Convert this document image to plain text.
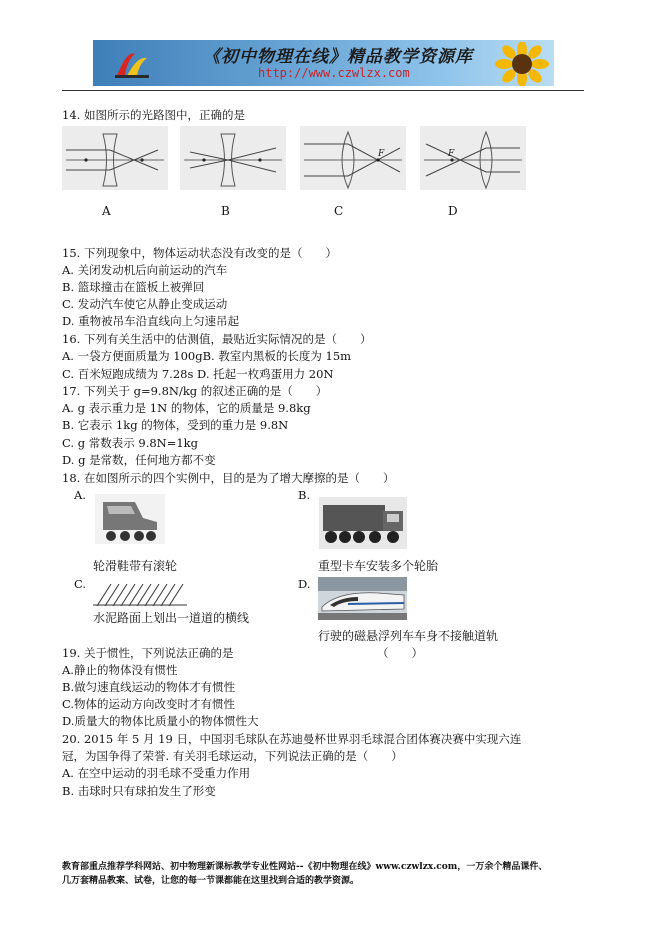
《初中物理在线》精品教学资源库
http://www.czwlzx.com
14. 如图所示的光路图中，正确的是
F	F
A	B	C	D
15. 下列现象中，物体运动状态没有改变的是（　　）
A. 关闭发动机后向前运动的汽车
B. 篮球撞击在篮板上被弹回
C. 发动汽车使它从静止变成运动
D. 重物被吊车沿直线向上匀速吊起
16. 下列有关生活中的估测值，最贴近实际情况的是（　　）
A. 一袋方便面质量为 100gB. 教室内黑板的长度为 15m
C. 百米短跑成绩为 7.28s D. 托起一枚鸡蛋用力 20N
17. 下列关于 g=9.8N/kg 的叙述正确的是（　　）
A. g 表示重力是 1N 的物体，它的质量是 9.8kg
B. 它表示 1kg 的物体，受到的重力是 9.8N
C. g 常数表示 9.8N=1kg
D. g 是常数，任何地方都不变
18. 在如图所示的四个实例中，目的是为了增大摩擦的是（　　）
A.	B.
轮滑鞋带有滚轮	重型卡车安装多个轮胎
C.	D.
水泥路面上划出一道道的横线
行驶的磁悬浮列车车身不接触道轨
19. 关于惯性，下列说法正确的是	（　　）
A.静止的物体没有惯性
B.做匀速直线运动的物体才有惯性
C.物体的运动方向改变时才有惯性
D.质量大的物体比质量小的物体惯性大
20. 2015 年 5 月 19 日，中国羽毛球队在苏迪曼杯世界羽毛球混合团体赛决赛中实现六连
冠，为国争得了荣誉. 有关羽毛球运动，下列说法正确的是（　　）
A. 在空中运动的羽毛球不受重力作用
B. 击球时只有球拍发生了形变
教育部重点推荐学科网站、初中物理新课标教学专业性网站--《初中物理在线》www.czwlzx.com，一万余个精品课件、
几万套精品教案、试卷，让您的每一节课都能在这里找到合适的教学资源。
